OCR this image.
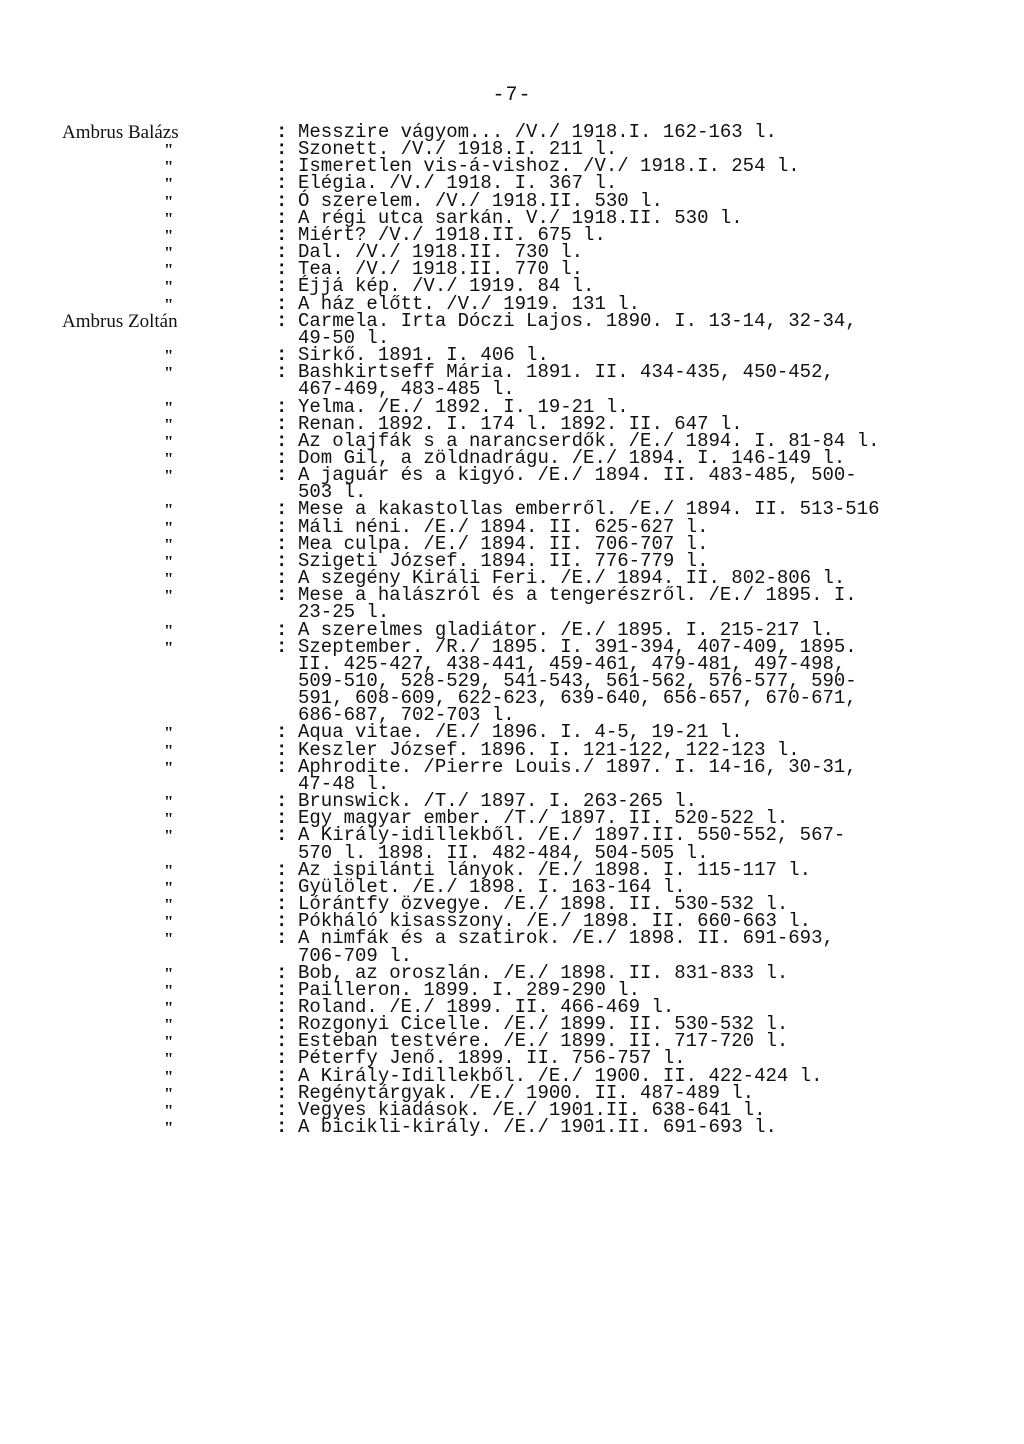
-7-
Ambrus Balázs	: Messzire vágyom... /V./ 1918.I. 162-163 l.
"	: Szonett. /V./ 1918.I. 211 l.
"	: Ismeretlen vis-á-vishoz. /V./ 1918.I. 254 l.
"	: Elégia. /V./ 1918. I. 367 l.
"	: Ó szerelem. /V./ 1918.II. 530 l.
"	: A régi utca sarkán. V./ 1918.II. 530 l.
"	: Miért? /V./ 1918.II. 675 l.
"	: Dal. /V./ 1918.II. 730 l.
"	: Tea. /V./ 1918.II. 770 l.
"	: Éjjá kép. /V./ 1919. 84 l.
"	: A ház előtt. /V./ 1919. 131 l.
Ambrus Zoltán	: Carmela. Irta Dóczi Lajos. 1890. I. 13-14, 32-34,
49-50 l.
"	: Sirkő. 1891. I. 406 l.
"	: Bashkirtseff Mária. 1891. II. 434-435, 450-452,
467-469, 483-485 l.
"	: Yelma. /E./ 1892. I. 19-21 l.
"	: Renan. 1892. I. 174 l. 1892. II. 647 l.
"	: Az olajfák s a narancserdők. /E./ 1894. I. 81-84 l.
"	: Dom Gil, a zöldnadrágu. /E./ 1894. I. 146-149 l.
"	: A jaguár és a kigyó. /E./ 1894. II. 483-485, 500-
503 l.
"	: Mese a kakastollas emberről. /E./ 1894. II. 513-516
"	: Máli néni. /E./ 1894. II. 625-627 l.
"	: Mea culpa. /E./ 1894. II. 706-707 l.
"	: Szigeti József. 1894. II. 776-779 l.
"	: A szegény Királi Feri. /E./ 1894. II. 802-806 l.
"	: Mese a halászról és a tengerészről. /E./ 1895. I.
23-25 l.
"	: A szerelmes gladiátor. /E./ 1895. I. 215-217 l.
"	: Szeptember. /R./ 1895. I. 391-394, 407-409, 1895.
II. 425-427, 438-441, 459-461, 479-481, 497-498,
509-510, 528-529, 541-543, 561-562, 576-577, 590-
591, 608-609, 622-623, 639-640, 656-657, 670-671,
686-687, 702-703 l.
"	: Aqua vitae. /E./ 1896. I. 4-5, 19-21 l.
"	: Keszler József. 1896. I. 121-122, 122-123 l.
"	: Aphrodite. /Pierre Louis./ 1897. I. 14-16, 30-31,
47-48 l.
"	: Brunswick. /T./ 1897. I. 263-265 l.
"	: Egy magyar ember. /T./ 1897. II. 520-522 l.
"	: A Király-idillekből. /E./ 1897.II. 550-552, 567-
570 l. 1898. II. 482-484, 504-505 l.
"	: Az ispilánti lányok. /E./ 1898. I. 115-117 l.
"	: Gyülölet. /E./ 1898. I. 163-164 l.
"	: Lórántfy özvegye. /E./ 1898. II. 530-532 l.
"	: Pókháló kisasszony. /E./ 1898. II. 660-663 l.
"	: A nimfák és a szatirok. /E./ 1898. II. 691-693,
706-709 l.
"	: Bob, az oroszlán. /E./ 1898. II. 831-833 l.
"	: Pailleron. 1899. I. 289-290 l.
"	: Roland. /E./ 1899. II. 466-469 l.
"	: Rozgonyi Cicelle. /E./ 1899. II. 530-532 l.
"	: Esteban testvére. /E./ 1899. II. 717-720 l.
"	: Péterfy Jenő. 1899. II. 756-757 l.
"	: A Király-Idillekből. /E./ 1900. II. 422-424 l.
"	: Regénytárgyak. /E./ 1900. II. 487-489 l.
"	: Vegyes kiadások. /E./ 1901.II. 638-641 l.
"	: A bicikli-király. /E./ 1901.II. 691-693 l.
